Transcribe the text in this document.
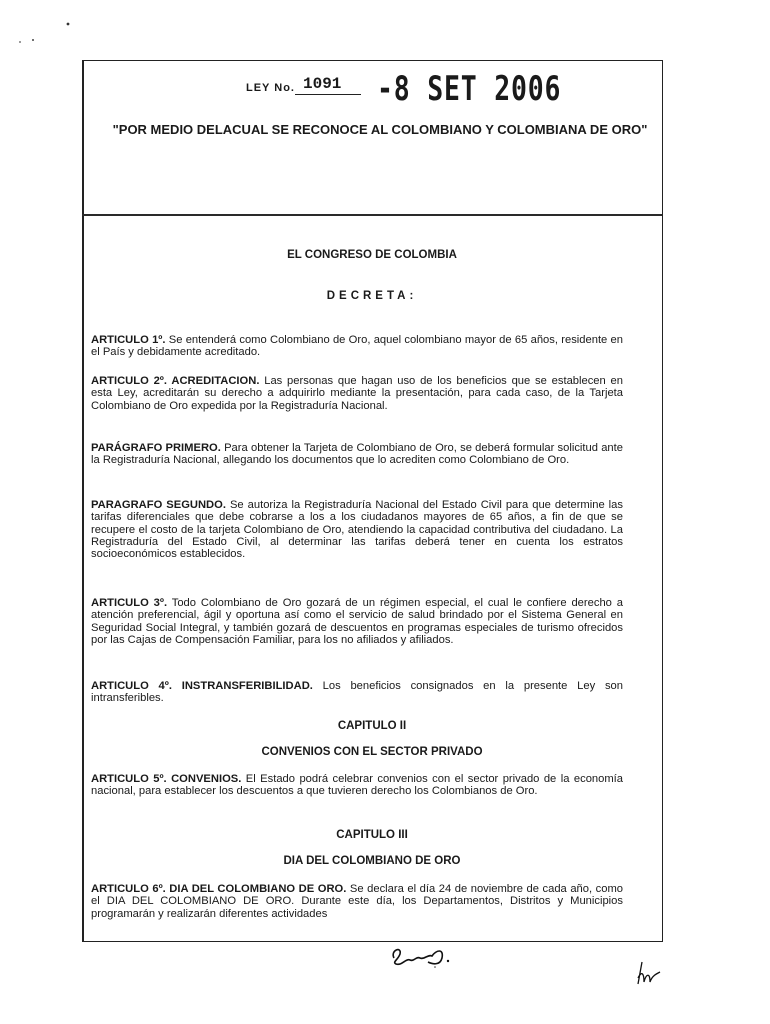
LEY No. 1091	-8 SET 2006
"POR MEDIO DELACUAL SE RECONOCE AL COLOMBIANO Y COLOMBIANA DE ORO"
EL CONGRESO DE COLOMBIA
DECRETA:
ARTICULO 1º. Se entenderá como Colombiano de Oro, aquel colombiano mayor de 65 años, residente en el País y debidamente acreditado.
ARTICULO 2º. ACREDITACION. Las personas que hagan uso de los beneficios que se establecen en esta Ley, acreditarán su derecho a adquirirlo mediante la presentación, para cada caso, de la Tarjeta Colombiano de Oro expedida por la Registraduría Nacional.
PARÁGRAFO PRIMERO. Para obtener la Tarjeta de Colombiano de Oro, se deberá formular solicitud ante la Registraduría Nacional, allegando los documentos que lo acrediten como Colombiano de Oro.
PARAGRAFO SEGUNDO. Se autoriza la Registraduría Nacional del Estado Civil para que determine las tarifas diferenciales que debe cobrarse a los a los ciudadanos mayores de 65 años, a fin de que se recupere el costo de la tarjeta Colombiano de Oro, atendiendo la capacidad contributiva del ciudadano. La Registraduría del Estado Civil, al determinar las tarifas deberá tener en cuenta los estratos socioeconómicos establecidos.
ARTICULO 3º. Todo Colombiano de Oro gozará de un régimen especial, el cual le confiere derecho a atención preferencial, ágil y oportuna así como el servicio de salud brindado por el Sistema General en Seguridad Social Integral, y también gozará de descuentos en programas especiales de turismo ofrecidos por las Cajas de Compensación Familiar, para los no afiliados y afiliados.
ARTICULO 4º. INSTRANSFERIBILIDAD. Los beneficios consignados en la presente Ley son intransferibles.
CAPITULO II
CONVENIOS CON EL SECTOR PRIVADO
ARTICULO 5º. CONVENIOS. El Estado podrá celebrar convenios con el sector privado de la economía nacional, para establecer los descuentos a que tuvieren derecho los Colombianos de Oro.
CAPITULO III
DIA DEL COLOMBIANO DE ORO
ARTICULO 6º. DIA DEL COLOMBIANO DE ORO. Se declara el día 24 de noviembre de cada año, como el DIA DEL COLOMBIANO DE ORO. Durante este día, los Departamentos, Distritos y Municipios programarán y realizarán diferentes actividades
